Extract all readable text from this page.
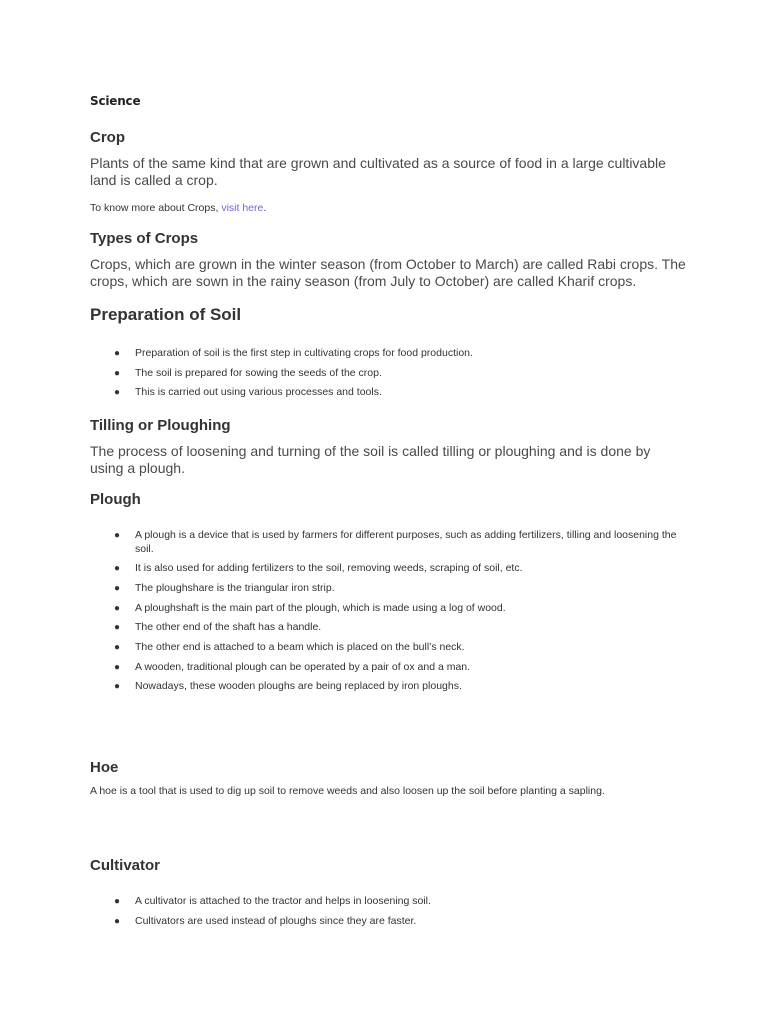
Science
Crop

Plants of the same kind that are grown and cultivated as a source of food in a large cultivable land is called a crop.

To know more about Crops, visit here.

Types of Crops

Crops, which are grown in the winter season (from October to March) are called Rabi crops. The crops, which are sown in the rainy season (from July to October) are called Kharif crops.

Preparation of Soil
● Preparation of soil is the first step in cultivating crops for food production.
● The soil is prepared for sowing the seeds of the crop.
● This is carried out using various processes and tools.
Tilling or Ploughing

The process of loosening and turning of the soil is called tilling or ploughing and is done by using a plough.

Plough
● A plough is a device that is used by farmers for different purposes, such as adding fertilizers, tilling and loosening the soil.
● It is also used for adding fertilizers to the soil, removing weeds, scraping of soil, etc.
● The ploughshare is the triangular iron strip.
● A ploughshaft is the main part of the plough, which is made using a log of wood.
● The other end of the shaft has a handle.
● The other end is attached to a beam which is placed on the bull’s neck.
● A wooden, traditional plough can be operated by a pair of ox and a man.
● Nowadays, these wooden ploughs are being replaced by iron ploughs.
Hoe

A hoe is a tool that is used to dig up soil to remove weeds and also loosen up the soil before planting a sapling.

Cultivator
● A cultivator is attached to the tractor and helps in loosening soil.
● Cultivators are used instead of ploughs since they are faster.
